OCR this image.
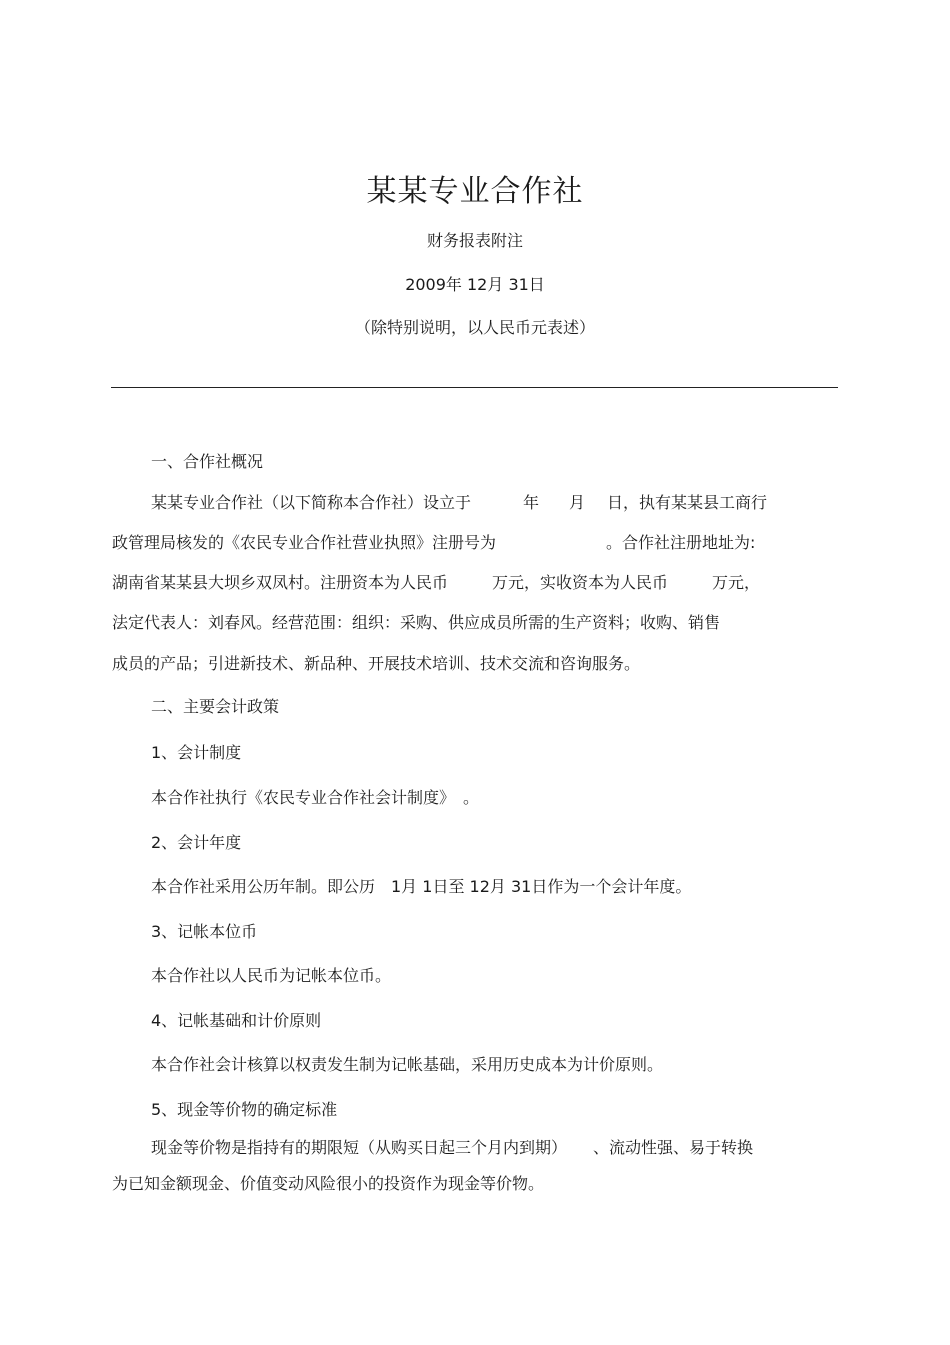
某某专业合作社
财务报表附注
2009年 12月 31日
（除特别说明，以人民币元表述）
一、合作社概况
某某专业合作社（以下简称本合作社）设立于	年 月 日，执有某某县工商行
政管理局核发的《农民专业合作社营业执照》注册号为	。合作社注册地址为:
湖南省某某县大坝乡双凤村。注册资本为人民币	万元，实收资本为人民币	万元，
法定代表人：刘春风。经营范围：组织：采购、供应成员所需的生产资料；收购、销售
成员的产品；引进新技术、新品种、开展技术培训、技术交流和咨询服务。
二、主要会计政策
1、会计制度
本合作社执行《农民专业合作社会计制度》　。
2、会计年度
本合作社采用公历年制。即公历　1月 1日至 12月 31日作为一个会计年度。
3、记帐本位币
本合作社以人民币为记帐本位币。
4、记帐基础和计价原则
本合作社会计核算以权责发生制为记帐基础，采用历史成本为计价原则。
5、现金等价物的确定标准
现金等价物是指持有的期限短（从购买日起三个月内到期） 、流动性强、易于转换
为已知金额现金、价值变动风险很小的投资作为现金等价物。
